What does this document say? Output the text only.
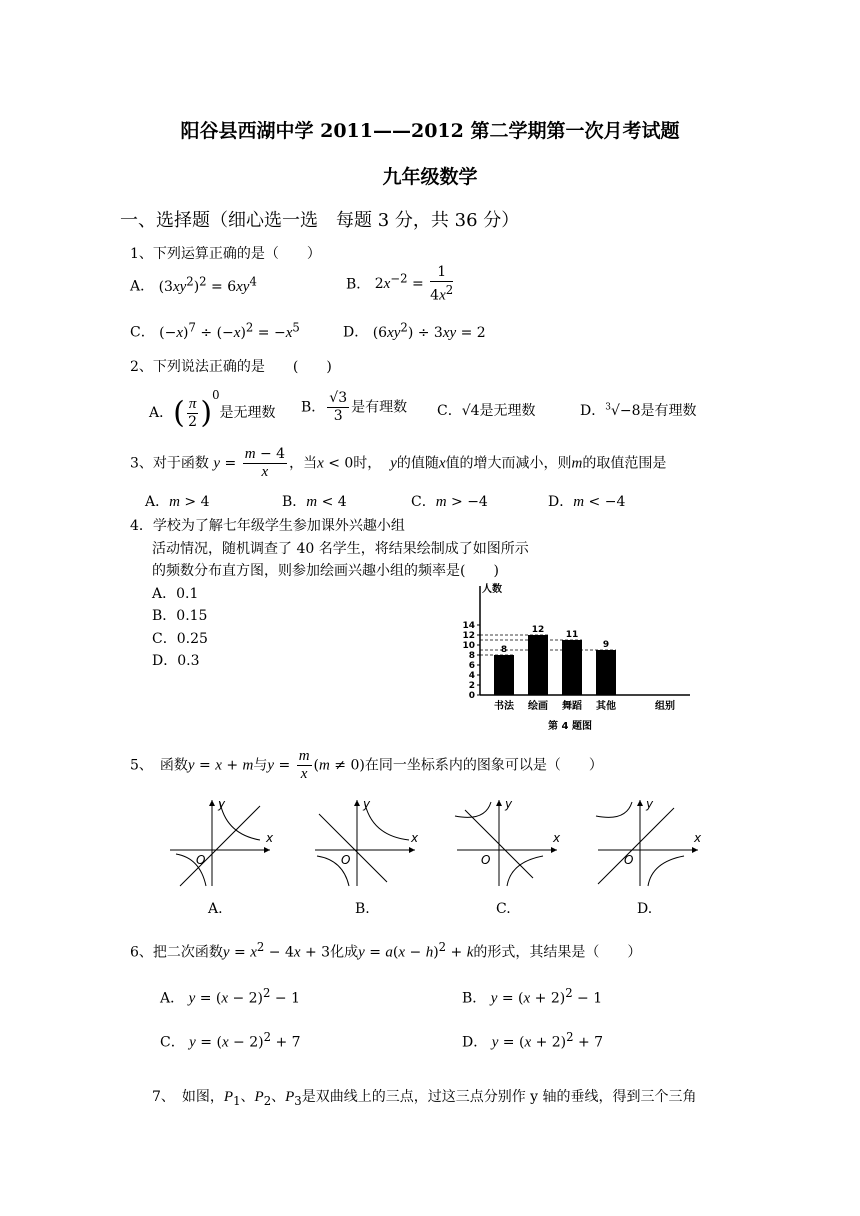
阳谷县西湖中学 2011——2012 第二学期第一次月考试题
九年级数学
一、选择题（细心选一选　每题 3 分，共 36 分）
1、下列运算正确的是（　　）
A． $(3xy^2)^2 = 6xy^4$	B． $2x^{-2} = \frac{1}{4x^2}$
C． $(-x)^7 \div (-x)^2 = -x^5$	D． $(6xy^2) \div 3xy = 2$
2、下列说法正确的是　　(　　)
A．( $\frac{\pi}{2} )^0$是无理数 B． $\frac{√3}{3}$ 是有理数 C．√4是无理数	D．$^3$√−8是有理数
3、对于函数 $y = \frac{m - 4}{x}$ ，当x < 0时， y的值随x值的增大而减小，则m的取值范围是
A．m > 4	B．m < 4	C．m > −4	D．m < −4
4．学校为了解七年级学生参加课外兴趣小组
活动情况，随机调查了 40 名学生，将结果绘制成了如图所示
的频数分布直方图，则参加绘画兴趣小组的频率是(　　)
A．0.1
B．0.15
C．0.25
D．0.3
0
2
4
6
8
10
12
14
人数
8
书法
12
绘画
11
舞蹈
9
其他	组别
第 4 题图
5、　函数y = x + m与$y = \frac{m}{x} (m \ne 0)$在同一坐标系内的图象可以是（　　）
y
x
O
y
x
O
y
x
O
y
x
O
A.	B.	C.	D.
6、把二次函数$y = x^2 - 4x + 3$化成$y = a(x - h)^2 + k$的形式，其结果是（　　）
A． $y = (x - 2)^2 - 1$	B． $y = (x + 2)^2 - 1$
C． $y = (x - 2)^2 + 7$	D． $y = (x + 2)^2 + 7$
7、　如图，$P_1$、$P_2$、$P_3$是双曲线上的三点，过这三点分别作 y 轴的垂线，得到三个三角
